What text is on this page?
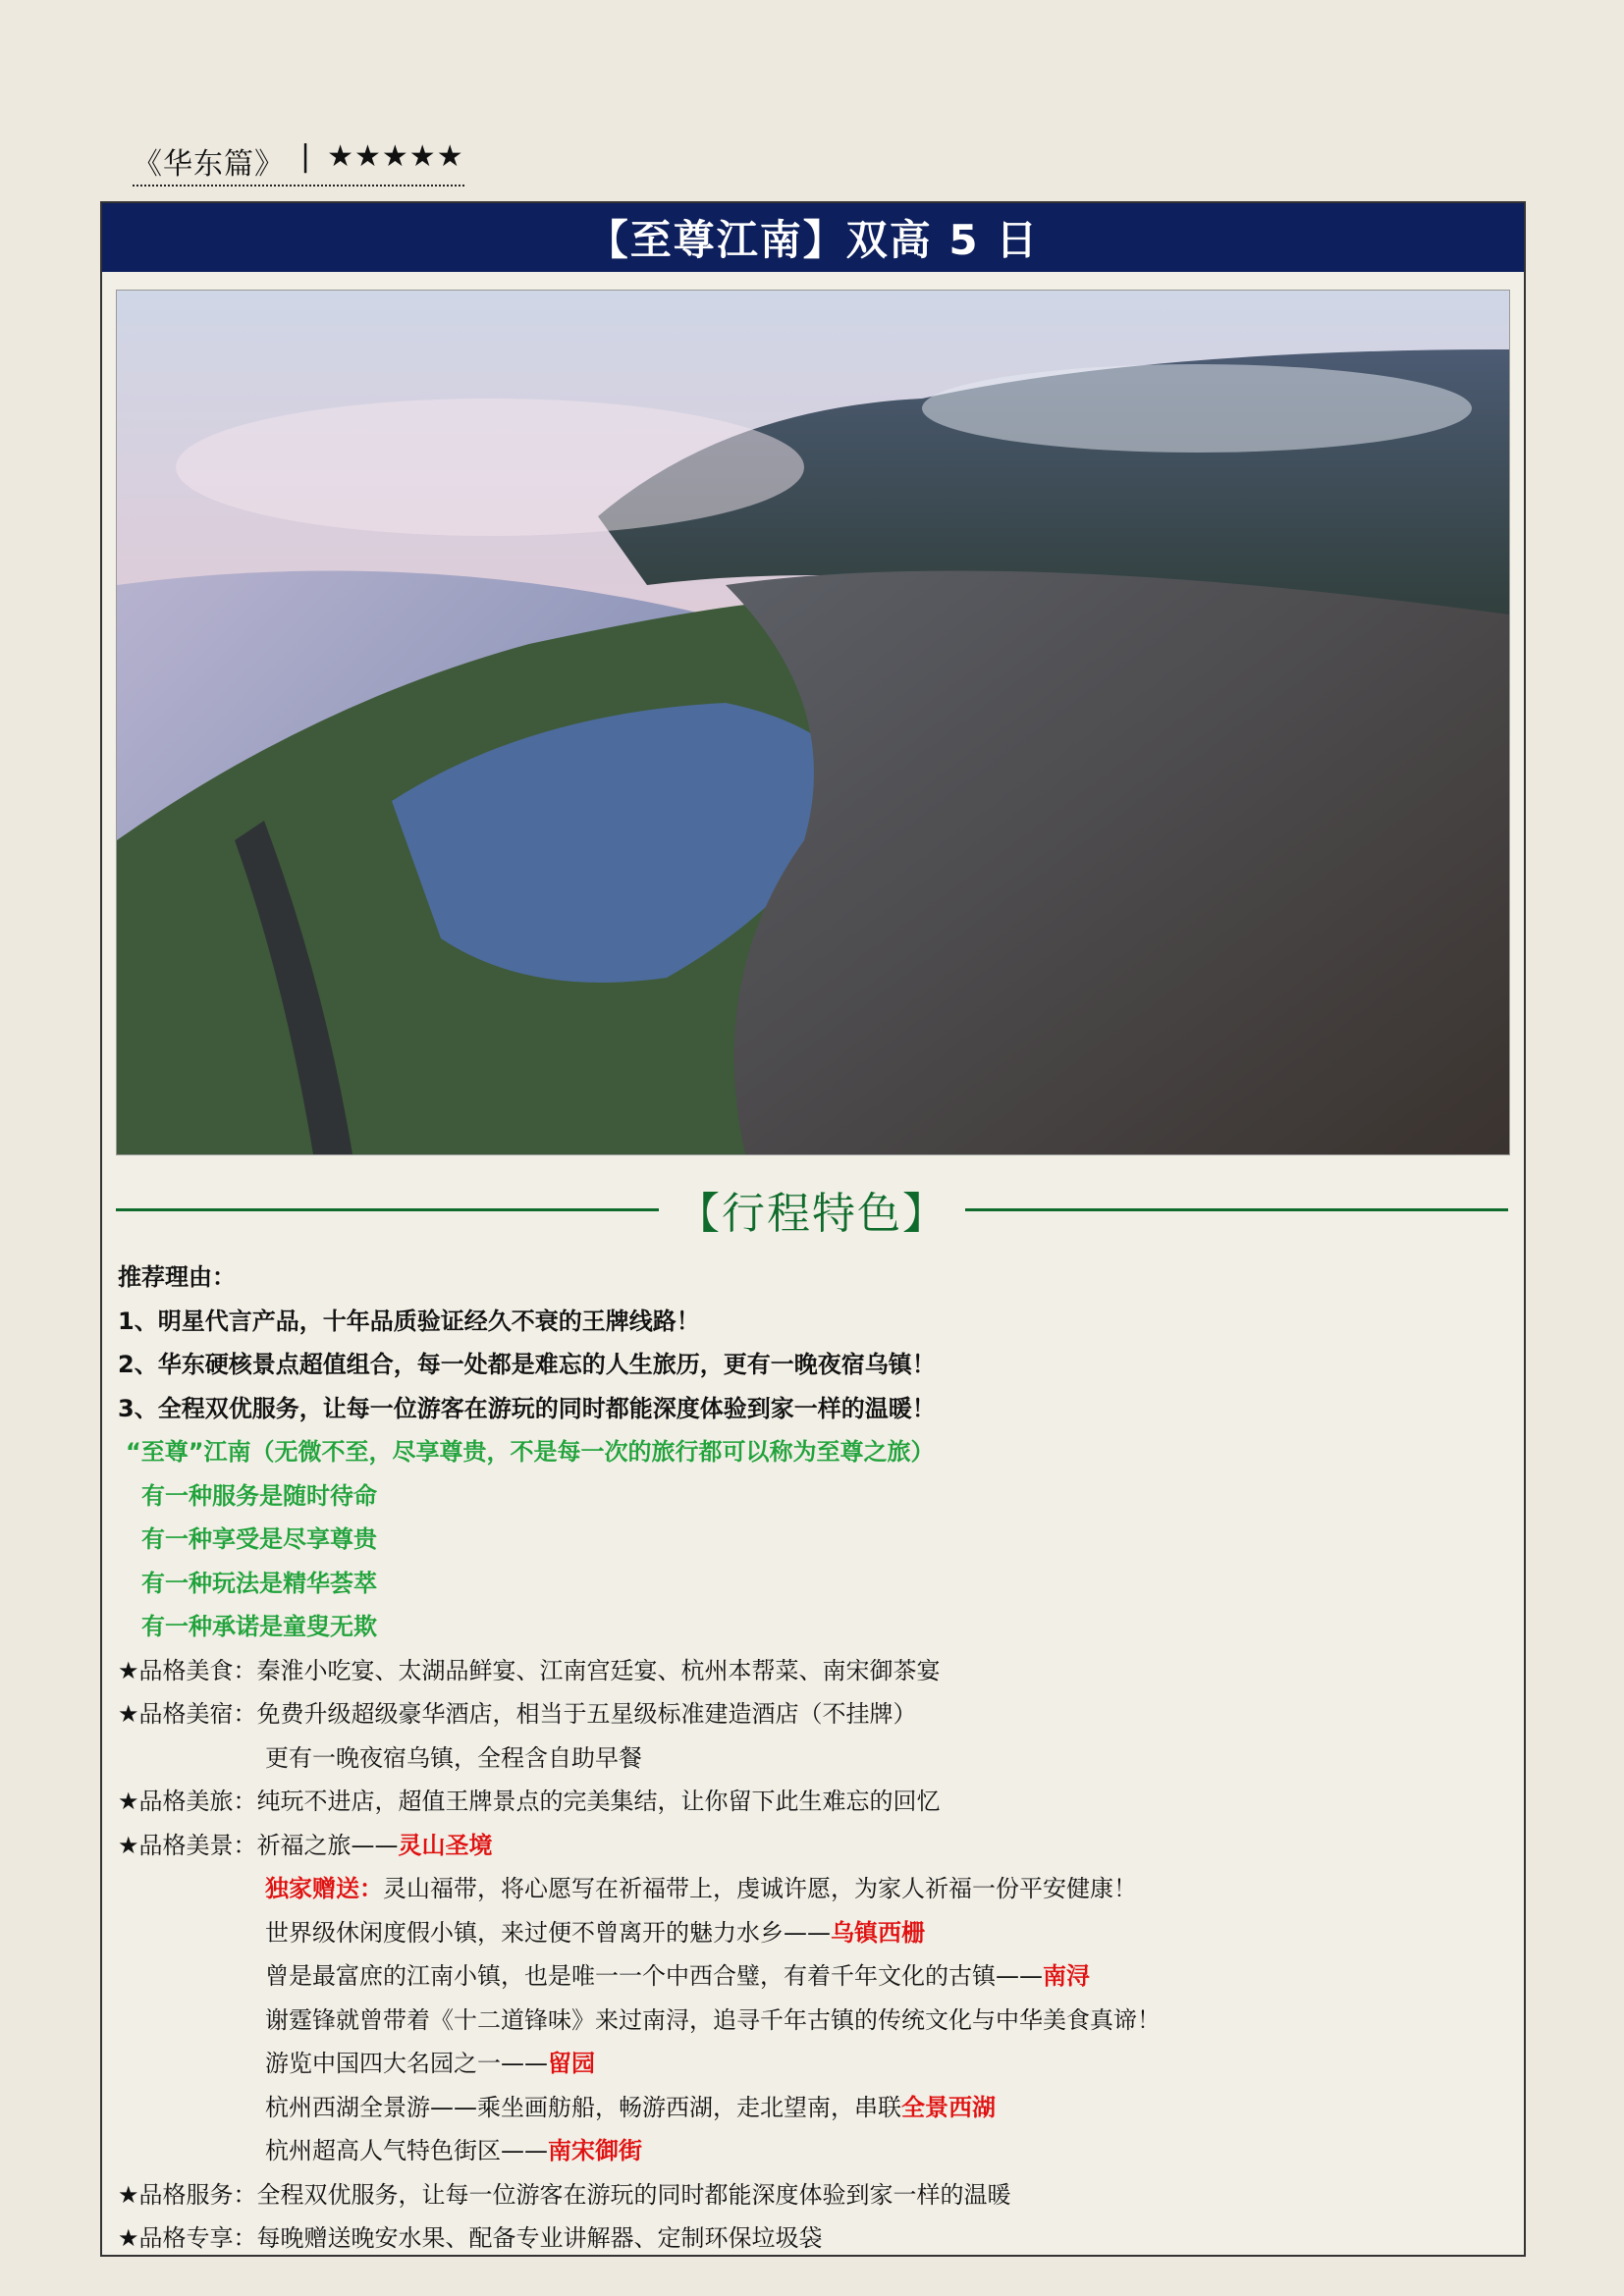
《华东篇》 | ★★★★★
【至尊江南】双高 5 日
【行程特色】
推荐理由：
1、明星代言产品，十年品质验证经久不衰的王牌线路！
2、华东硬核景点超值组合，每一处都是难忘的人生旅历，更有一晚夜宿乌镇！
3、全程双优服务，让每一位游客在游玩的同时都能深度体验到家一样的温暖！
“至尊”江南（无微不至，尽享尊贵，不是每一次的旅行都可以称为至尊之旅）
有一种服务是随时待命
有一种享受是尽享尊贵
有一种玩法是精华荟萃
有一种承诺是童叟无欺
★品格美食：秦淮小吃宴、太湖品鲜宴、江南宫廷宴、杭州本帮菜、南宋御茶宴
★品格美宿：免费升级超级豪华酒店，相当于五星级标准建造酒店（不挂牌）
更有一晚夜宿乌镇，全程含自助早餐
★品格美旅：纯玩不进店，超值王牌景点的完美集结，让你留下此生难忘的回忆
★品格美景：祈福之旅——灵山圣境
独家赠送：灵山福带，将心愿写在祈福带上，虔诚许愿，为家人祈福一份平安健康！
世界级休闲度假小镇，来过便不曾离开的魅力水乡——乌镇西栅
曾是最富庶的江南小镇，也是唯一一个中西合璧，有着千年文化的古镇——南浔
谢霆锋就曾带着《十二道锋味》来过南浔，追寻千年古镇的传统文化与中华美食真谛！
游览中国四大名园之一——留园
杭州西湖全景游——乘坐画舫船，畅游西湖，走北望南，串联全景西湖
杭州超高人气特色街区——南宋御街
★品格服务：全程双优服务，让每一位游客在游玩的同时都能深度体验到家一样的温暖
★品格专享：每晚赠送晚安水果、配备专业讲解器、定制环保垃圾袋
